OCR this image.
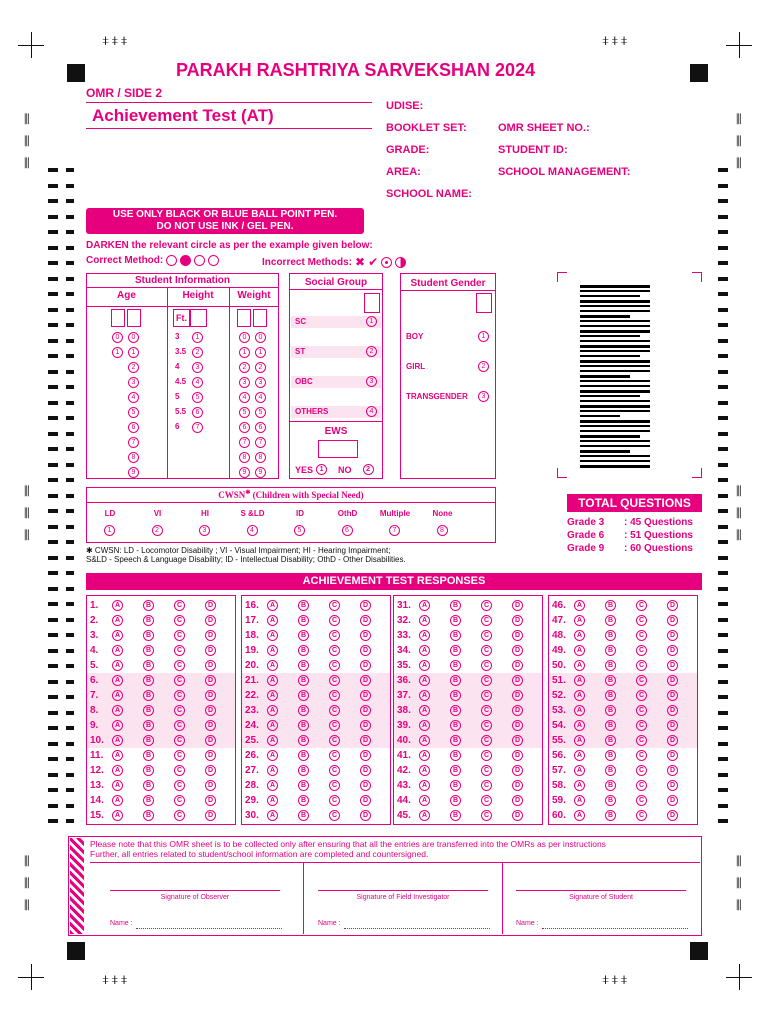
⧧⧧⧧	⧧⧧⧧
⧧⧧⧧	⧧⧧⧧
⫼
⫼
⫼
⫼
⫼
⫼
⫼
⫼
⫼
⫼
⫼
⫼
⫼
⫼
⫼
⫼
⫼
⫼
PARAKH RASHTRIYA SARVEKSHAN 2024
OMR / SIDE 2
Achievement Test (AT)	UDISE:
BOOKLET SET:
GRADE:
AREA:
SCHOOL NAME:
OMR SHEET NO.:
STUDENT ID:
SCHOOL MANAGEMENT:
USE ONLY BLACK OR BLUE BALL POINT PEN.
DO NOT USE INK / GEL PEN.
DARKEN the relevant circle as per the example given below:
Correct Method:	Incorrect Methods: ✖ ✔
Student Information
Age	Height	Weight
Ft.
0	0
1	1
2
3
4
5
6
7
8
9
3	1
3.5	2
4	3
4.5	4
5	5
5.5	6
6	7
0	0
1	1
2	2
3	3
4	4
5	5
6	6
7	7
8	8
9	9
Social Group
SC	1
ST	2
OBC	3
OTHERS	4
EWS
YES 1	NO	2
Student Gender
BOY	1
GIRL	2
TRANSGENDER	3
CWSN✱ (Children with Special Need)
LD
1
VI
2
HI
3
S &LD
4
ID
5
OthD
6
Multiple
7
None
8
✱ CWSN: LD - Locomotor Disability ; VI - Visual Impairment; HI - Hearing Impairment;
S&LD - Speech & Language Disability; ID - Intellectual Disability; OthD - Other Disabilities.
TOTAL QUESTIONS
Grade 3 : 45 Questions
Grade 6 : 51 Questions
Grade 9 : 60 Questions
ACHIEVEMENT TEST RESPONSES
1.	A	B	C	D
2.	A	B	C	D
3.	A	B	C	D
4.	A	B	C	D
5.	A	B	C	D
6.	A	B	C	D
7.	A	B	C	D
8.	A	B	C	D
9.	A	B	C	D
10.	A	B	C	D
11.	A	B	C	D
12.	A	B	C	D
13.	A	B	C	D
14.	A	B	C	D
15.	A	B	C	D
16.	A	B	C	D
17.	A	B	C	D
18.	A	B	C	D
19.	A	B	C	D
20.	A	B	C	D
21.	A	B	C	D
22.	A	B	C	D
23.	A	B	C	D
24.	A	B	C	D
25.	A	B	C	D
26.	A	B	C	D
27.	A	B	C	D
28.	A	B	C	D
29.	A	B	C	D
30.	A	B	C	D
31.	A	B	C	D
32.	A	B	C	D
33.	A	B	C	D
34.	A	B	C	D
35.	A	B	C	D
36.	A	B	C	D
37.	A	B	C	D
38.	A	B	C	D
39.	A	B	C	D
40.	A	B	C	D
41.	A	B	C	D
42.	A	B	C	D
43.	A	B	C	D
44.	A	B	C	D
45.	A	B	C	D
46.	A	B	C	D
47.	A	B	C	D
48.	A	B	C	D
49.	A	B	C	D
50.	A	B	C	D
51.	A	B	C	D
52.	A	B	C	D
53.	A	B	C	D
54.	A	B	C	D
55.	A	B	C	D
56.	A	B	C	D
57.	A	B	C	D
58.	A	B	C	D
59.	A	B	C	D
60.	A	B	C	D
Please note that this OMR sheet is to be collected only after ensuring that all the entries are transferred into the OMRs as per instructions
Further, all entries related to student/school information are completed and countersigned.
Signature of Observer
Name :
Signature of Field Investigator
Name :
Signature of Student
Name :
